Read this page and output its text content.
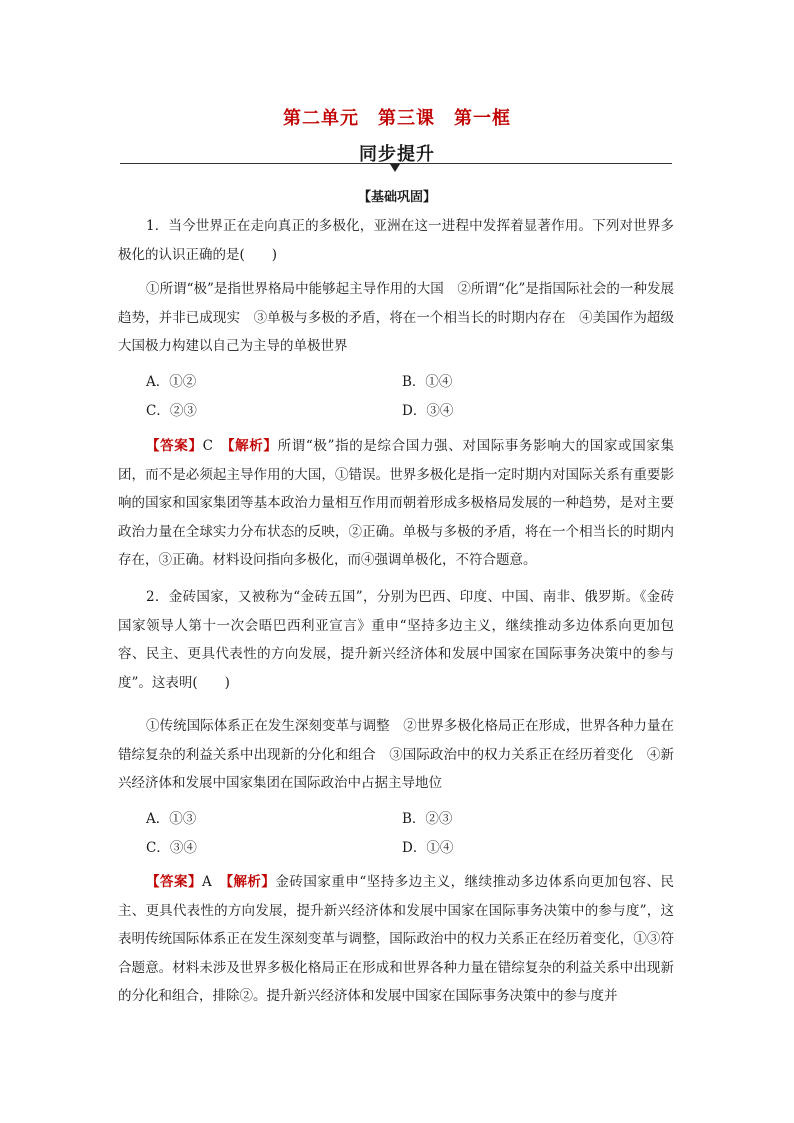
第二单元　第三课　第一框
同步提升
【基础巩固】
1．当今世界正在走向真正的多极化，亚洲在这一进程中发挥着显著作用。下列对世界多极化的认识正确的是(　　)
①所谓“极”是指世界格局中能够起主导作用的大国　②所谓“化”是指国际社会的一种发展趋势，并非已成现实　③单极与多极的矛盾，将在一个相当长的时期内存在　④美国作为超级大国极力构建以自己为主导的单极世界
A．①②	B．①④
C．②③	D．③④
【答案】C　 【解析】所谓“极”指的是综合国力强、对国际事务影响大的国家或国家集团，而不是必须起主导作用的大国，①错误。世界多极化是指一定时期内对国际关系有重要影响的国家和国家集团等基本政治力量相互作用而朝着形成多极格局发展的一种趋势，是对主要政治力量在全球实力分布状态的反映，②正确。单极与多极的矛盾，将在一个相当长的时期内存在，③正确。材料设问指向多极化，而④强调单极化，不符合题意。
2．金砖国家，又被称为“金砖五国”，分别为巴西、印度、中国、南非、俄罗斯。《金砖国家领导人第十一次会晤巴西利亚宣言》重申“坚持多边主义，继续推动多边体系向更加包容、民主、更具代表性的方向发展，提升新兴经济体和发展中国家在国际事务决策中的参与度”。这表明(　　)
①传统国际体系正在发生深刻变革与调整　②世界多极化格局正在形成，世界各种力量在错综复杂的利益关系中出现新的分化和组合　③国际政治中的权力关系正在经历着变化　④新兴经济体和发展中国家集团在国际政治中占据主导地位
A．①③	B．②③
C．③④	D．①④
【答案】A　 【解析】金砖国家重申“坚持多边主义，继续推动多边体系向更加包容、民主、更具代表性的方向发展，提升新兴经济体和发展中国家在国际事务决策中的参与度”，这表明传统国际体系正在发生深刻变革与调整，国际政治中的权力关系正在经历着变化，①③符合题意。材料未涉及世界多极化格局正在形成和世界各种力量在错综复杂的利益关系中出现新的分化和组合，排除②。提升新兴经济体和发展中国家在国际事务决策中的参与度并
